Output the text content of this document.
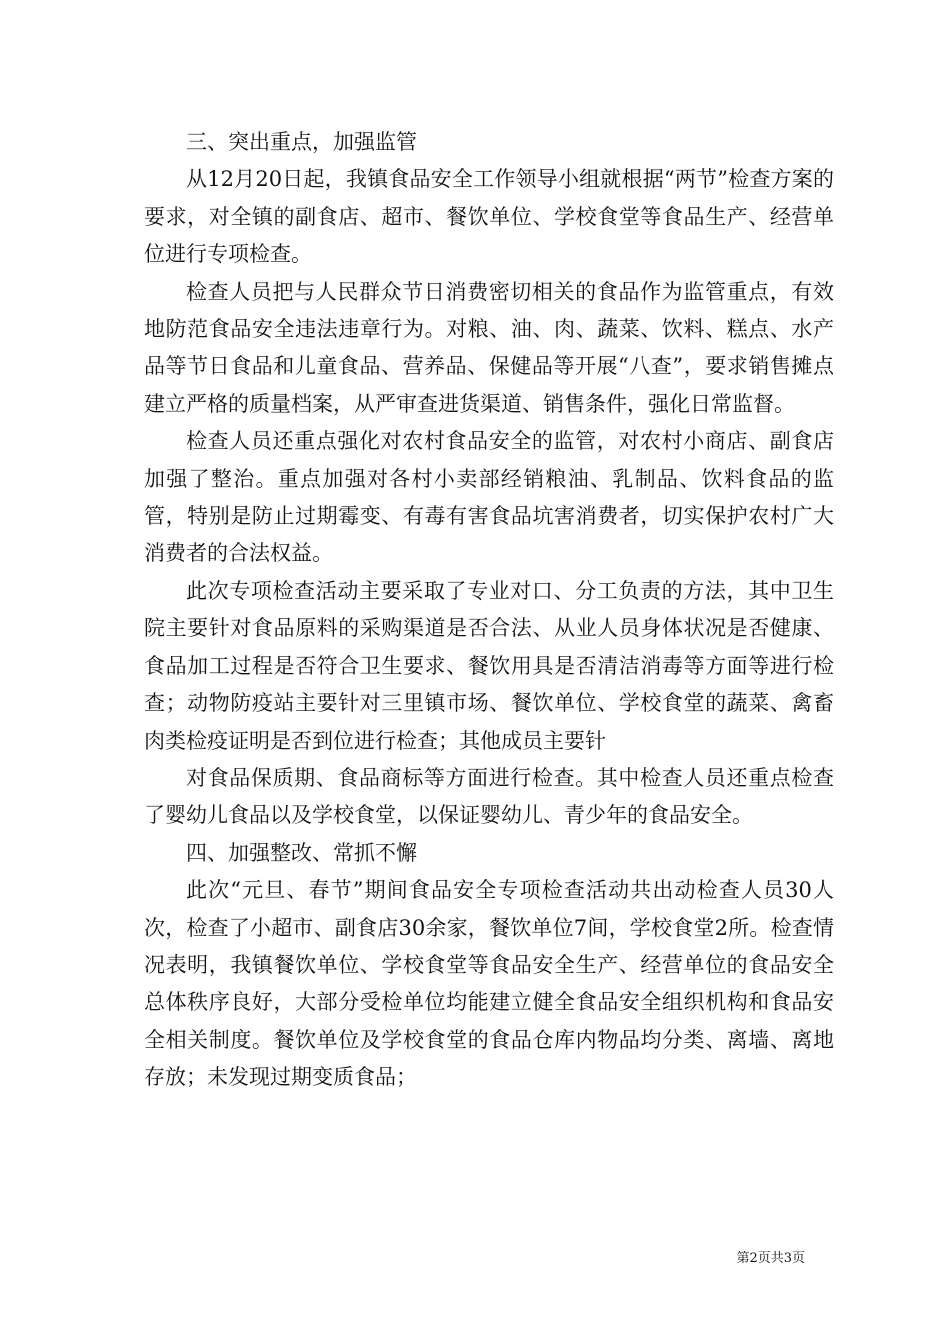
三、突出重点，加强监管

从12月20日起，我镇食品安全工作领导小组就根据“两节”检查方案的要求，对全镇的副食店、超市、餐饮单位、学校食堂等食品生产、经营单位进行专项检查。

检查人员把与人民群众节日消费密切相关的食品作为监管重点，有效地防范食品安全违法违章行为。对粮、油、肉、蔬菜、饮料、糕点、水产品等节日食品和儿童食品、营养品、保健品等开展“八查”，要求销售摊点建立严格的质量档案，从严审查进货渠道、销售条件，强化日常监督。

检查人员还重点强化对农村食品安全的监管，对农村小商店、副食店加强了整治。重点加强对各村小卖部经销粮油、乳制品、饮料食品的监管，特别是防止过期霉变、有毒有害食品坑害消费者，切实保护农村广大消费者的合法权益。

此次专项检查活动主要采取了专业对口、分工负责的方法，其中卫生院主要针对食品原料的采购渠道是否合法、从业人员身体状况是否健康、食品加工过程是否符合卫生要求、餐饮用具是否清洁消毒等方面等进行检查；动物防疫站主要针对三里镇市场、餐饮单位、学校食堂的蔬菜、禽畜肉类检疫证明是否到位进行检查；其他成员主要针

对食品保质期、食品商标等方面进行检查。其中检查人员还重点检查了婴幼儿食品以及学校食堂，以保证婴幼儿、青少年的食品安全。

四、加强整改、常抓不懈

此次“元旦、春节”期间食品安全专项检查活动共出动检查人员30人次，检查了小超市、副食店30余家，餐饮单位7间，学校食堂2所。检查情况表明，我镇餐饮单位、学校食堂等食品安全生产、经营单位的食品安全总体秩序良好，大部分受检单位均能建立健全食品安全组织机构和食品安全相关制度。餐饮单位及学校食堂的食品仓库内物品均分类、离墙、离地存放；未发现过期变质食品；

第2页共3页
